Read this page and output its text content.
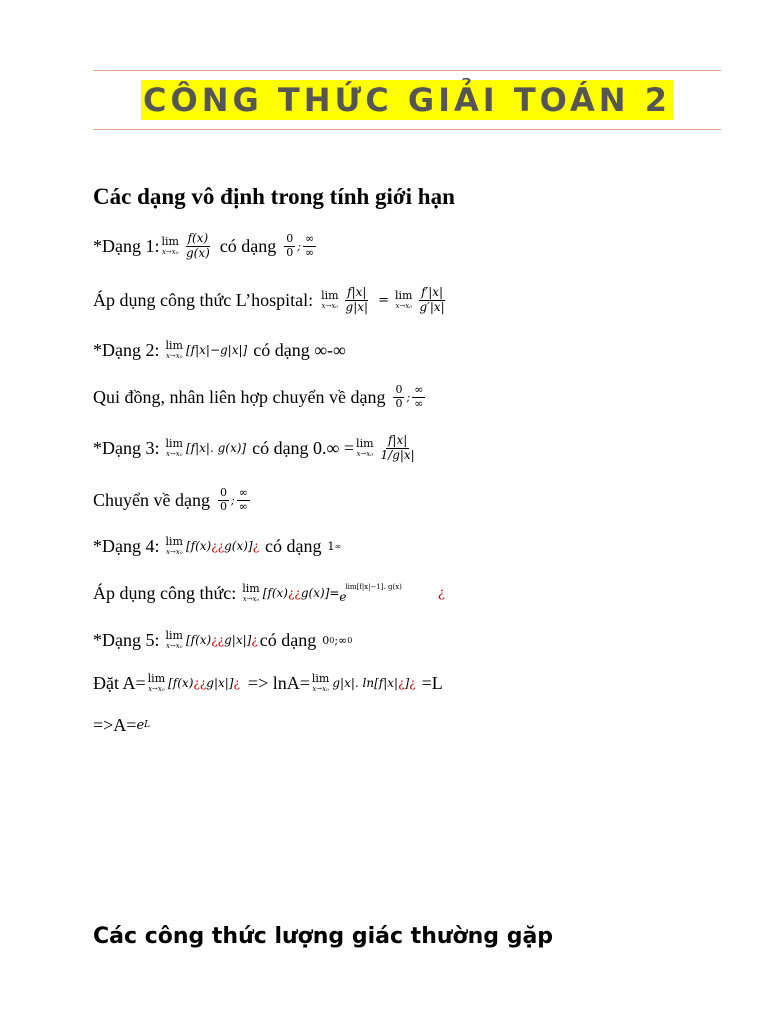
CÔNG THỨC GIẢI TOÁN 2
Các dạng vô định trong tính giới hạn
*Dạng 1: lim
$x\to x_0 \frac{f(x)}{g(x)}$ có dạng $\frac{0}{0}$ ; $\frac{\infty}{\infty}$
Áp dụng công thức L’hospital: lim
$x\to x_0 \frac{f|x|}{g|x|} = \lim$
$x\to x_0 \frac{f'|x|}{g'|x|}$
*Dạng 2: lim
x→x₀ [f|x|−g|x|] có dạng ∞-∞
Qui đồng, nhân liên hợp chuyển về dạng $\frac{0}{0}$ ; $\frac{\infty}{\infty}$
*Dạng 3: lim
x→x₀ [f|x|. g(x)] có dạng 0.∞ = lim
$x\to x_0 \frac{f|x|}{1/g|x|}$
Chuyển về dạng $\frac{0}{0}$ ; $\frac{\infty}{\infty}$
*Dạng 4: lim
x→x₀ [f(x) ¿¿ g(x)] ¿ có dạng 1 ∞
Áp dụng công thức: lim
x→x₀ [f(x) ¿¿ g(x)]= lim[f|x|−1]. g(x)
e	¿
*Dạng 5: lim
x→x₀ [f(x) ¿¿ g|x|] ¿ có dạng 0 0 ;∞ 0
Đặt A= lim
x→x₀ [f(x) ¿¿ g|x|] ¿ => lnA= lim
x→x₀ g|x|. ln[f|x| ¿ ] ¿ =L
=>A= e L
Các công thức lượng giác thường gặp
